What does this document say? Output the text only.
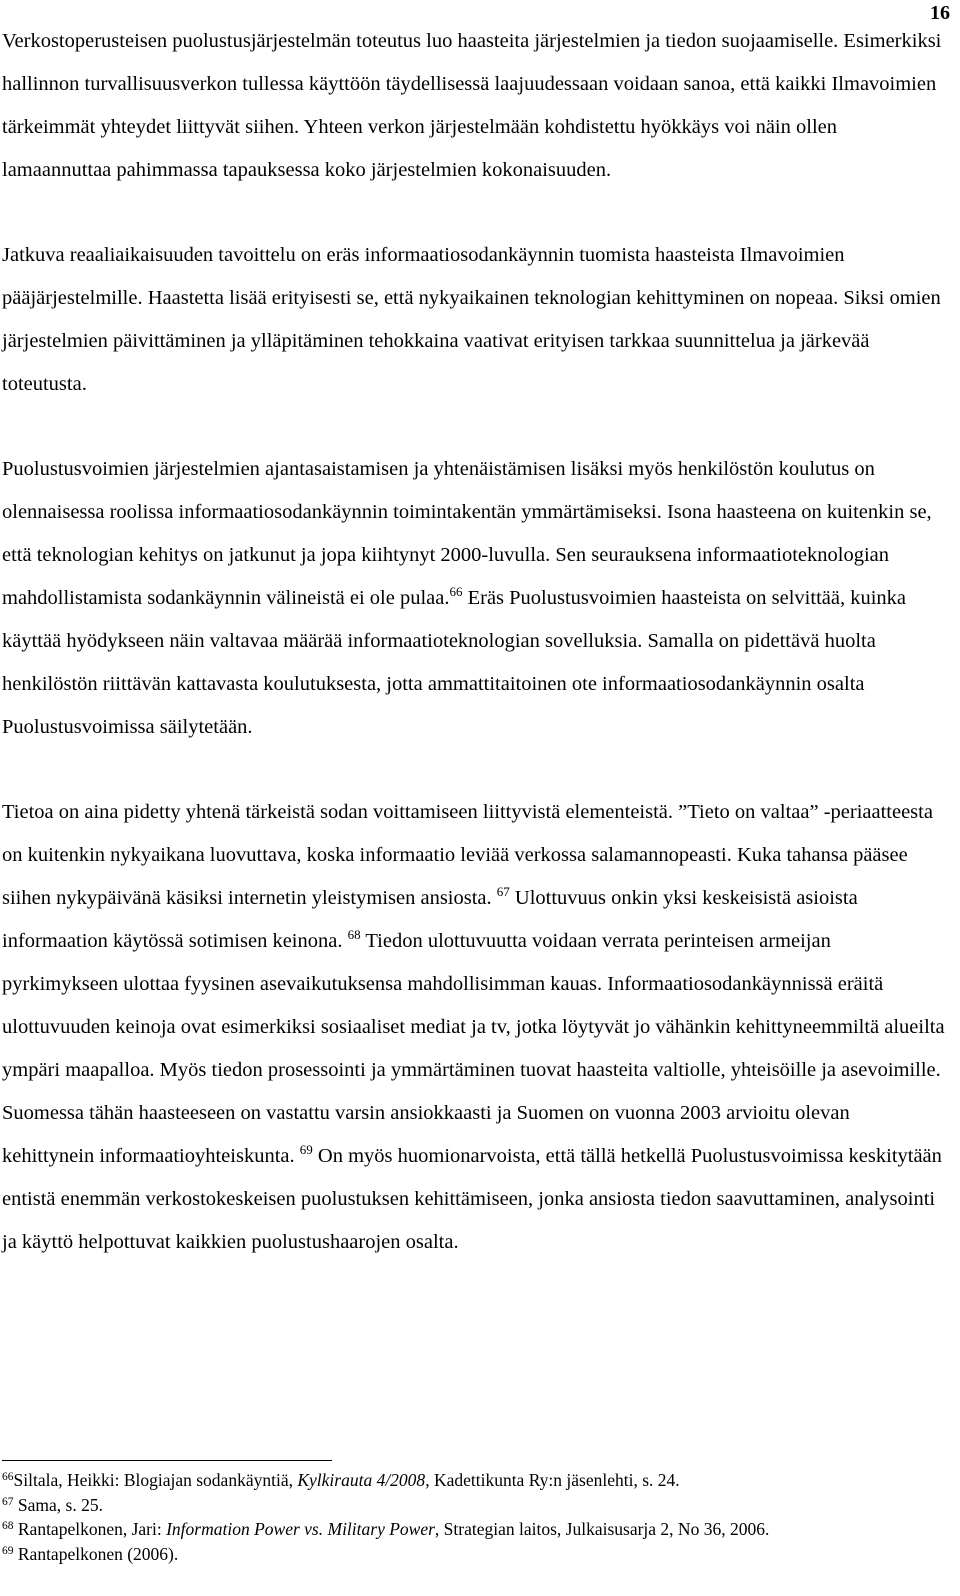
16

Verkostoperusteisen puolustusjärjestelmän toteutus luo haasteita järjestelmien ja tiedon suojaamiselle. Esimerkiksi hallinnon turvallisuusverkon tullessa käyttöön täydellisessä laajuudessaan voidaan sanoa, että kaikki Ilmavoimien tärkeimmät yhteydet liittyvät siihen. Yhteen verkon järjestelmään kohdistettu hyökkäys voi näin ollen lamaannuttaa pahimmassa tapauksessa koko järjestelmien kokonaisuuden.

Jatkuva reaaliaikaisuuden tavoittelu on eräs informaatiosodankäynnin tuomista haasteista Ilmavoimien pääjärjestelmille. Haastetta lisää erityisesti se, että nykyaikainen teknologian kehittyminen on nopeaa. Siksi omien järjestelmien päivittäminen ja ylläpitäminen tehokkaina vaativat erityisen tarkkaa suunnittelua ja järkevää toteutusta.

Puolustusvoimien järjestelmien ajantasaistamisen ja yhtenäistämisen lisäksi myös henkilöstön koulutus on olennaisessa roolissa informaatiosodankäynnin toimintakentän ymmärtämiseksi. Isona haasteena on kuitenkin se, että teknologian kehitys on jatkunut ja jopa kiihtynyt 2000-luvulla. Sen seurauksena informaatioteknologian mahdollistamista sodankäynnin välineistä ei ole pulaa.$^{66}$ Eräs Puolustusvoimien haasteista on selvittää, kuinka käyttää hyödykseen näin valtavaa määrää informaatioteknologian sovelluksia. Samalla on pidettävä huolta henkilöstön riittävän kattavasta koulutuksesta, jotta ammattitaitoinen ote informaatiosodankäynnin osalta Puolustusvoimissa säilytetään.

Tietoa on aina pidetty yhtenä tärkeistä sodan voittamiseen liittyvistä elementeistä. ”Tieto on valtaa” -periaatteesta on kuitenkin nykyaikana luovuttava, koska informaatio leviää verkossa salamannopeasti. Kuka tahansa pääsee siihen nykypäivänä käsiksi internetin yleistymisen ansiosta. $^{67}$ Ulottuvuus onkin yksi keskeisistä asioista informaation käytössä sotimisen keinona. $^{68}$ Tiedon ulottuvuutta voidaan verrata perinteisen armeijan pyrkimykseen ulottaa fyysinen asevaikutuksensa mahdollisimman kauas. Informaatiosodankäynnissä eräitä ulottuvuuden keinoja ovat esimerkiksi sosiaaliset mediat ja tv, jotka löytyvät jo vähänkin kehittyneemmiltä alueilta ympäri maapalloa. Myös tiedon prosessointi ja ymmärtäminen tuovat haasteita valtiolle, yhteisöille ja asevoimille. Suomessa tähän haasteeseen on vastattu varsin ansiokkaasti ja Suomen on vuonna 2003 arvioitu olevan kehittynein informaatioyhteiskunta. $^{69}$ On myös huomionarvoista, että tällä hetkellä Puolustusvoimissa keskitytään entistä enemmän verkostokeskeisen puolustuksen kehittämiseen, jonka ansiosta tiedon saavuttaminen, analysointi ja käyttö helpottuvat kaikkien puolustushaarojen osalta.

$^{66}$Siltala, Heikki: Blogiajan sodankäyntiä, Kylkirauta 4/2008, Kadettikunta Ry:n jäsenlehti, s. 24.

$^{67}$ Sama, s. 25.

$^{68}$ Rantapelkonen, Jari: Information Power vs. Military Power, Strategian laitos, Julkaisusarja 2, No 36, 2006.

$^{69}$ Rantapelkonen (2006).
